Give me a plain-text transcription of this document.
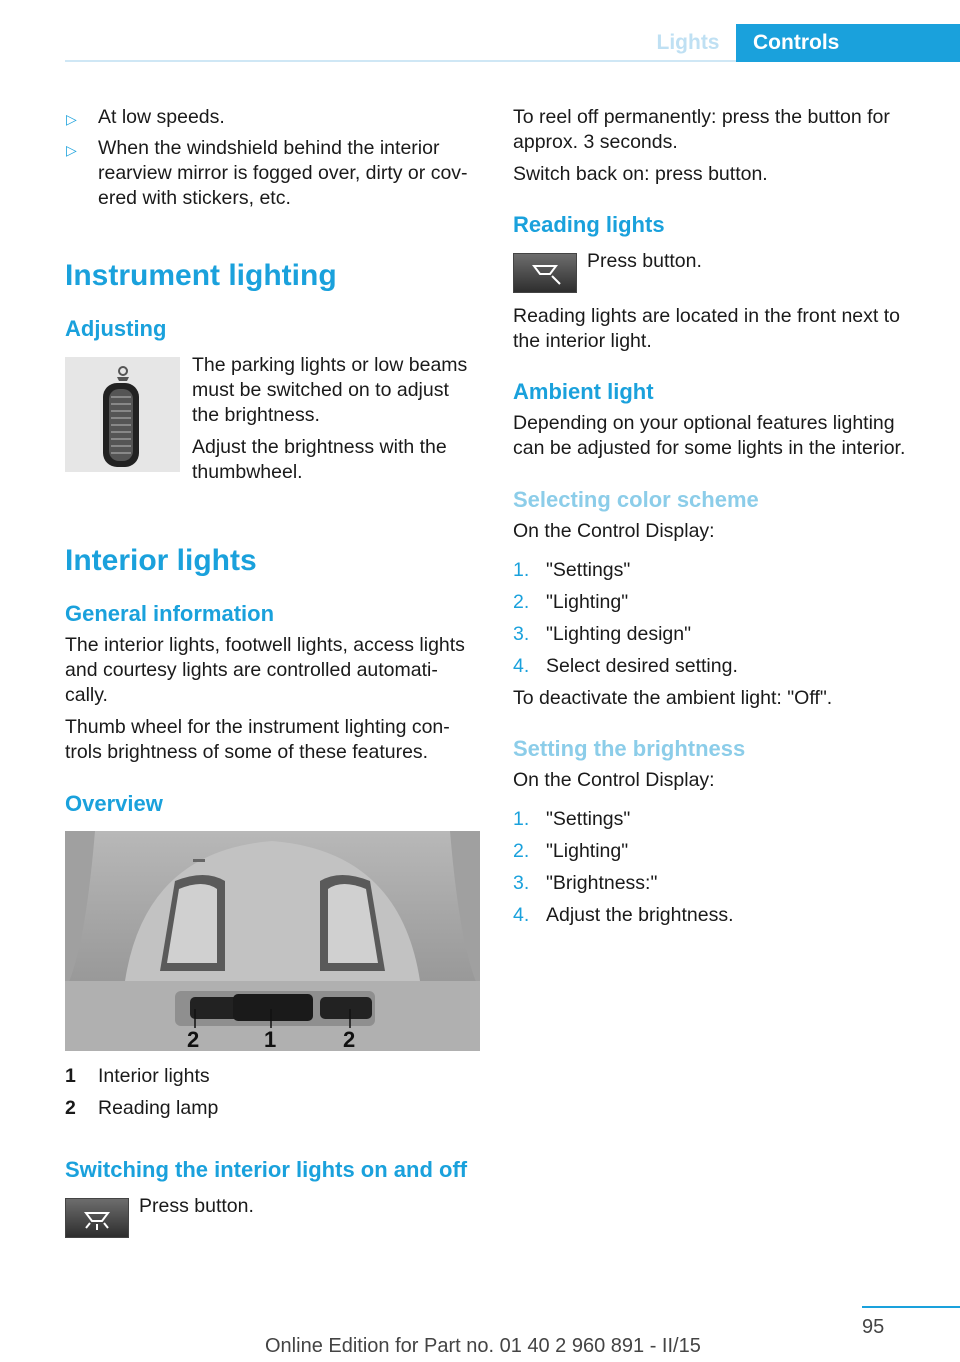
Lights	Controls
▷ At low speeds.
▷ When the windshield behind the interior
rearview mirror is fogged over, dirty or cov-
ered with stickers, etc.
Instrument lighting
Adjusting
The parking lights or low beams
must be switched on to adjust
the brightness.
Adjust the brightness with the
thumbwheel.
Interior lights
General information
The interior lights, footwell lights, access lights
and courtesy lights are controlled automati-
cally.
Thumb wheel for the instrument lighting con-
trols brightness of some of these features.
Overview
2	1	2
1 Interior lights
2 Reading lamp
Switching the interior lights on and off
Press button.
To reel off permanently: press the button for
approx. 3 seconds.
Switch back on: press button.
Reading lights
Press button.
Reading lights are located in the front next to
the interior light.
Ambient light
Depending on your optional features lighting
can be adjusted for some lights in the interior.
Selecting color scheme
On the Control Display:
1. "Settings"
2. "Lighting"
3. "Lighting design"
4. Select desired setting.
To deactivate the ambient light: "Off".
Setting the brightness
On the Control Display:
1. "Settings"
2. "Lighting"
3. "Brightness:"
4. Adjust the brightness.
95
Online Edition for Part no. 01 40 2 960 891 - II/15
